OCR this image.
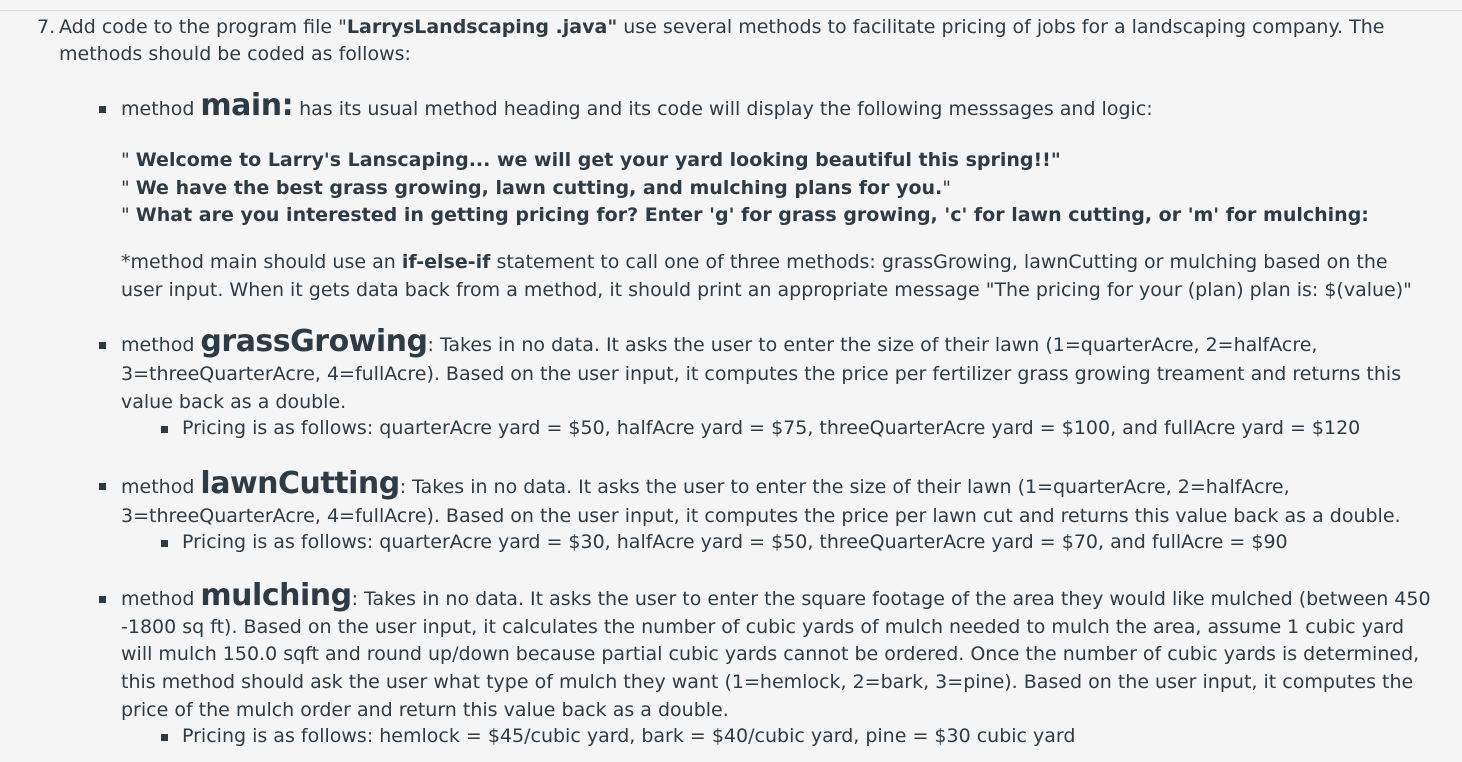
7. Add code to the program file "LarrysLandscaping .java" use several methods to facilitate pricing of jobs for a landscaping company. The methods should be coded as follows:
method main: has its usual method heading and its code will display the following messsages and logic:
" Welcome to Larry's Lanscaping... we will get your yard looking beautiful this spring!!"
" We have the best grass growing, lawn cutting, and mulching plans for you."
" What are you interested in getting pricing for? Enter 'g' for grass growing, 'c' for lawn cutting, or 'm' for mulching:
*method main should use an if-else-if statement to call one of three methods: grassGrowing, lawnCutting or mulching based on the user input. When it gets data back from a method, it should print an appropriate message "The pricing for your (plan) plan is: $(value)"
method grassGrowing: Takes in no data. It asks the user to enter the size of their lawn (1=quarterAcre, 2=halfAcre, 3=threeQuarterAcre, 4=fullAcre). Based on the user input, it computes the price per fertilizer grass growing treament and returns this value back as a double.
Pricing is as follows: quarterAcre yard = $50, halfAcre yard = $75, threeQuarterAcre yard = $100, and fullAcre yard = $120
method lawnCutting: Takes in no data. It asks the user to enter the size of their lawn (1=quarterAcre, 2=halfAcre, 3=threeQuarterAcre, 4=fullAcre). Based on the user input, it computes the price per lawn cut and returns this value back as a double.
Pricing is as follows: quarterAcre yard = $30, halfAcre yard = $50, threeQuarterAcre yard = $70, and fullAcre = $90
method mulching: Takes in no data. It asks the user to enter the square footage of the area they would like mulched (between 450 -1800 sq ft). Based on the user input, it calculates the number of cubic yards of mulch needed to mulch the area, assume 1 cubic yard will mulch 150.0 sqft and round up/down because partial cubic yards cannot be ordered. Once the number of cubic yards is determined, this method should ask the user what type of mulch they want (1=hemlock, 2=bark, 3=pine). Based on the user input, it computes the price of the mulch order and return this value back as a double.
Pricing is as follows: hemlock = $45/cubic yard, bark = $40/cubic yard, pine = $30 cubic yard
